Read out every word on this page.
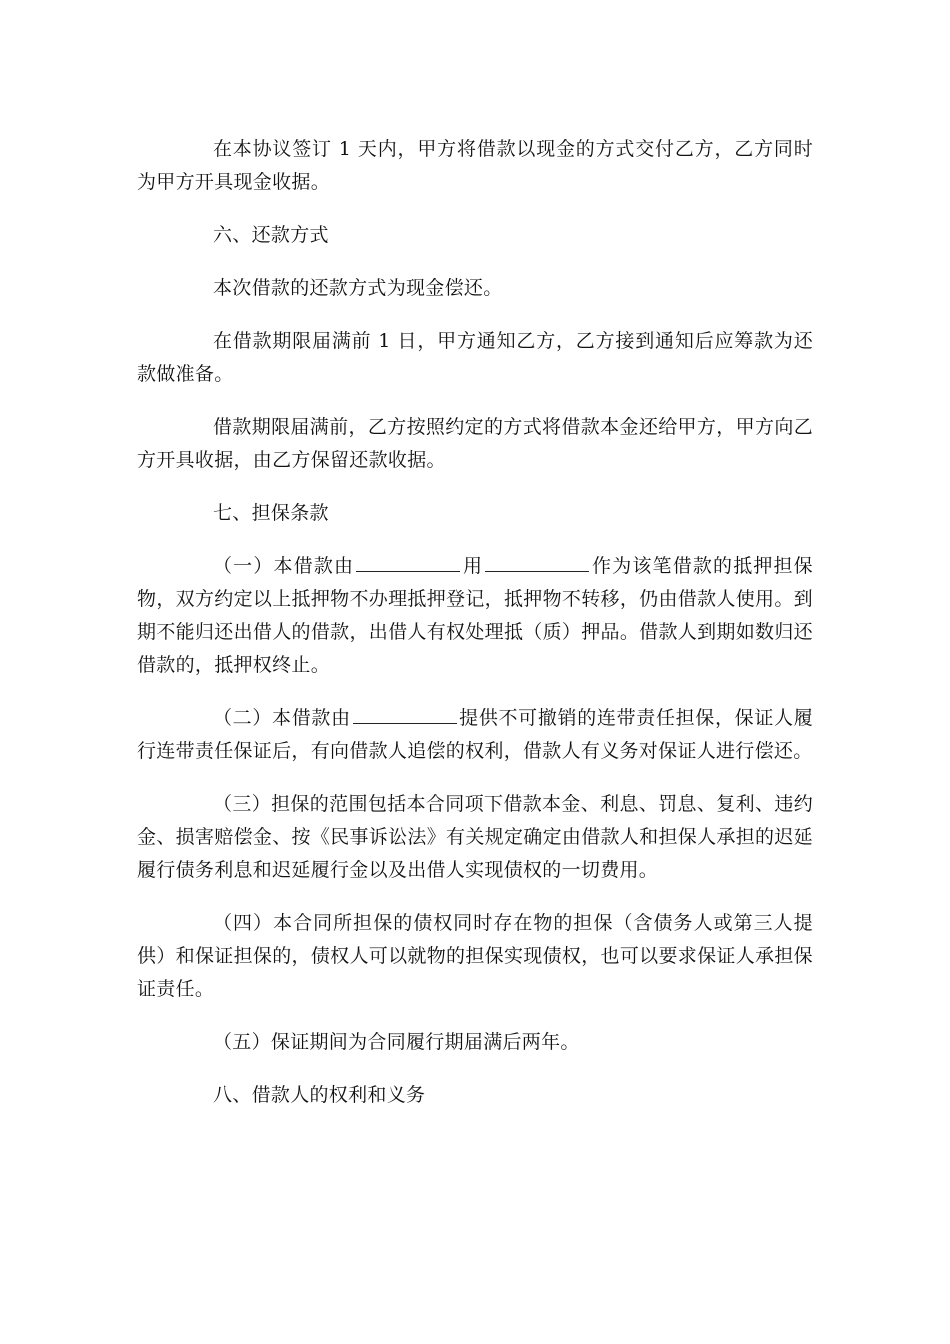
在本协议签订 1 天内，甲方将借款以现金的方式交付乙方，乙方同时为甲方开具现金收据。

六、还款方式

本次借款的还款方式为现金偿还。

在借款期限届满前 1 日，甲方通知乙方，乙方接到通知后应筹款为还款做准备。

借款期限届满前，乙方按照约定的方式将借款本金还给甲方，甲方向乙方开具收据，由乙方保留还款收据。

七、担保条款

（一）本借款由	用	作为该笔借款的抵押担保物，双方约定以上抵押物不办理抵押登记，抵押物不转移，仍由借款人使用。到期不能归还出借人的借款，出借人有权处理抵（质）押品。借款人到期如数归还借款的，抵押权终止。

（二）本借款由	提供不可撤销的连带责任担保，保证人履行连带责任保证后，有向借款人追偿的权利，借款人有义务对保证人进行偿还。

（三）担保的范围包括本合同项下借款本金、利息、罚息、复利、违约金、损害赔偿金、按《民事诉讼法》有关规定确定由借款人和担保人承担的迟延履行债务利息和迟延履行金以及出借人实现债权的一切费用。

（四）本合同所担保的债权同时存在物的担保（含债务人或第三人提供）和保证担保的，债权人可以就物的担保实现债权，也可以要求保证人承担保证责任。

（五）保证期间为合同履行期届满后两年。

八、借款人的权利和义务
